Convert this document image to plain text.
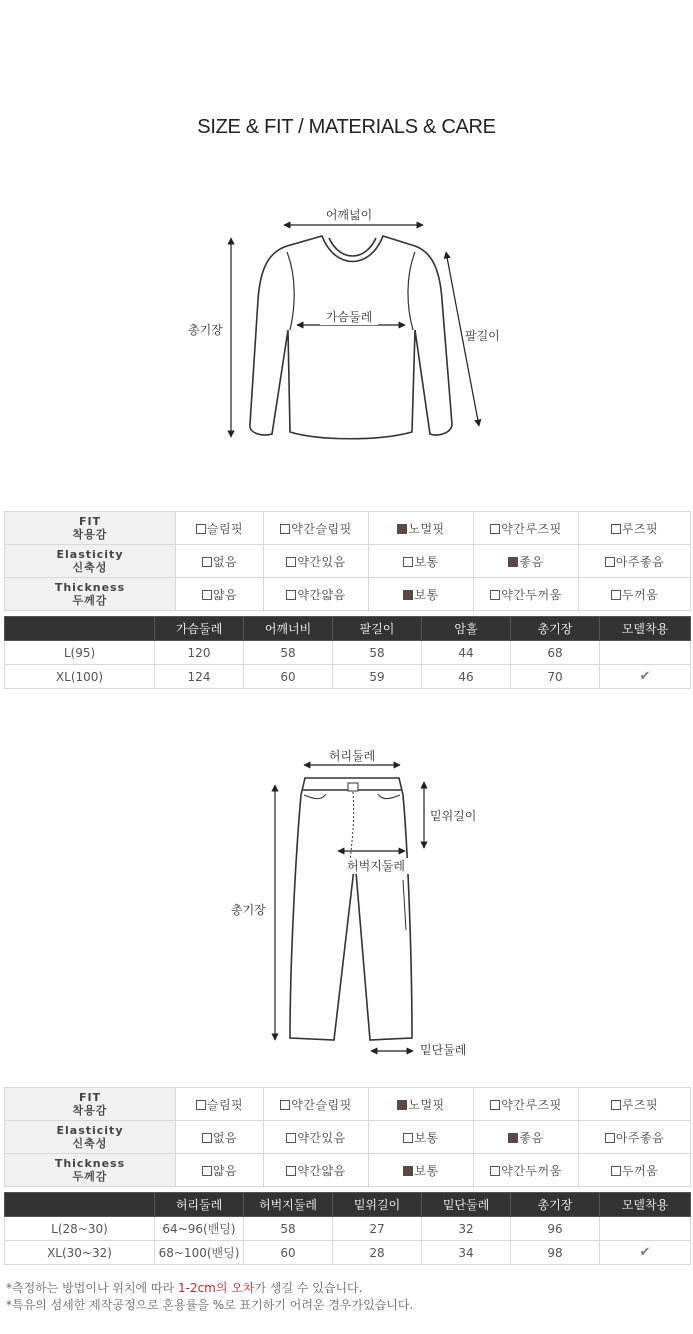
SIZE & FIT / MATERIALS & CARE
어깨넓이
가슴둘레
총기장	팔길이
FIT
착용감	슬림핏	약간슬림핏	노멀핏	약간루즈핏	루즈핏

Elasticity
신축성	없음	약간있음	보통	좋음	아주좋음

Thickness
두께감	얇음	약간얇음	보통	약간두꺼움	두꺼움
	가슴둘레	어깨너비	팔길이	암홀	총기장	모델착용
L(95)	120	58	58	44	68	
XL(100)	124	60	59	46	70	✔
허리둘레
밑위길이
허벅지둘레
총기장
밑단둘레
FIT
착용감	슬림핏	약간슬림핏	노멀핏	약간루즈핏	루즈핏

Elasticity
신축성	없음	약간있음	보통	좋음	아주좋음

Thickness
두께감	얇음	약간얇음	보통	약간두꺼움	두꺼움
	허리둘레	허벅지둘레	밑위길이	밑단둘레	총기장	모델착용
L(28~30)	64~96(밴딩)	58	27	32	96	
XL(30~32)	68~100(밴딩)	60	28	34	98	✔
*측정하는 방법이나 위치에 따라 1-2cm의 오차가 생길 수 있습니다.
*특유의 섬세한 제작공정으로 혼용률을 %로 표기하기 어려운 경우가있습니다.
